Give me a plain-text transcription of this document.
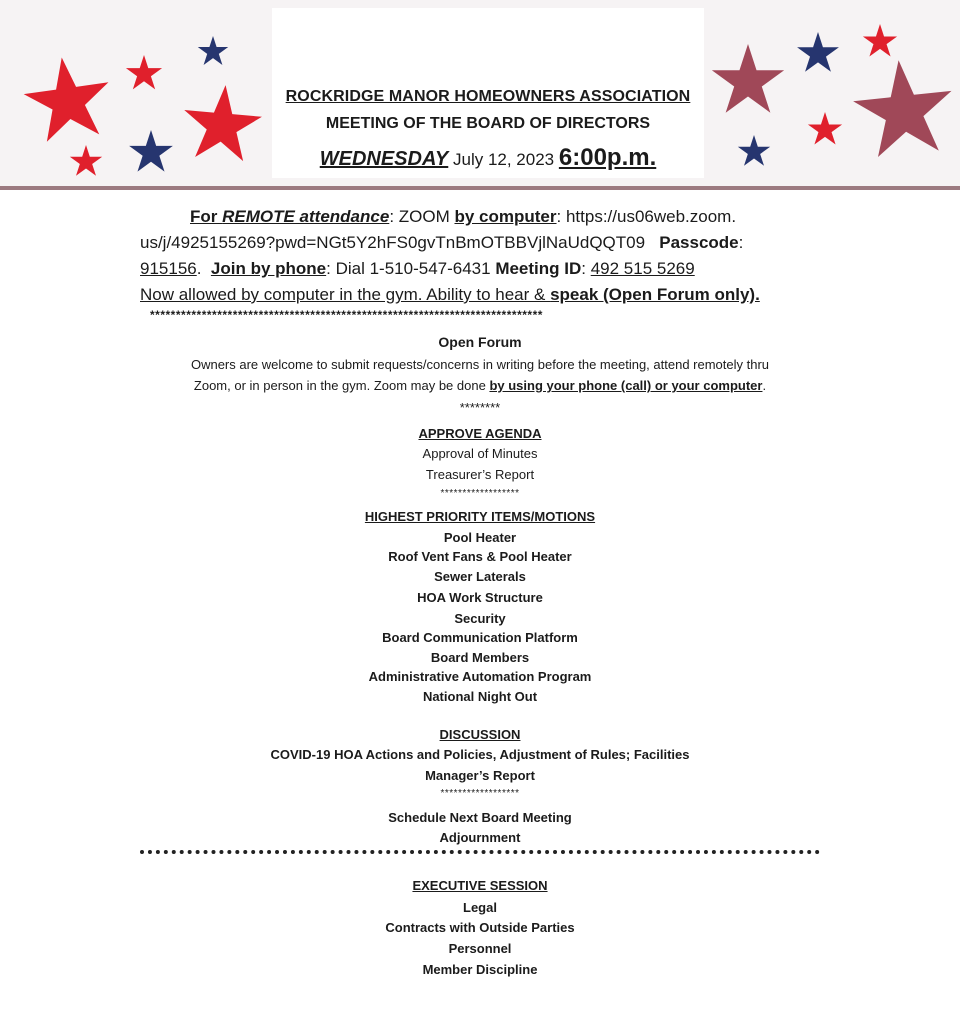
ROCKRIDGE MANOR HOMEOWNERS ASSOCIATION
MEETING OF THE BOARD OF DIRECTORS
WEDNESDAY July 12, 2023 6:00p.m.
For REMOTE attendance: ZOOM by computer: https://us06web.zoom.
us/j/4925155269?pwd=NGt5Y2hFS0gvTnBmOTBBVjlNaUdQQT09 Passcode:
915156.  Join by phone: Dial 1-510-547-6431 Meeting ID: 492 515 5269
Now allowed by computer in the gym. Ability to hear & speak (Open Forum only).
****************************************************************************
Open Forum
Owners are welcome to submit requests/concerns in writing before the meeting, attend remotely thru
Zoom, or in person in the gym. Zoom may be done by using your phone (call) or your computer.
********
APPROVE AGENDA
Approval of Minutes
Treasurer’s Report
******************
HIGHEST PRIORITY ITEMS/MOTIONS
Pool Heater
Roof Vent Fans & Pool Heater
Sewer Laterals
HOA Work Structure
Security
Board Communication Platform
Board Members
Administrative Automation Program
National Night Out
DISCUSSION
COVID-19 HOA Actions and Policies, Adjustment of Rules; Facilities
Manager’s Report
******************
Schedule Next Board Meeting
Adjournment
EXECUTIVE SESSION
Legal
Contracts with Outside Parties
Personnel
Member Discipline
